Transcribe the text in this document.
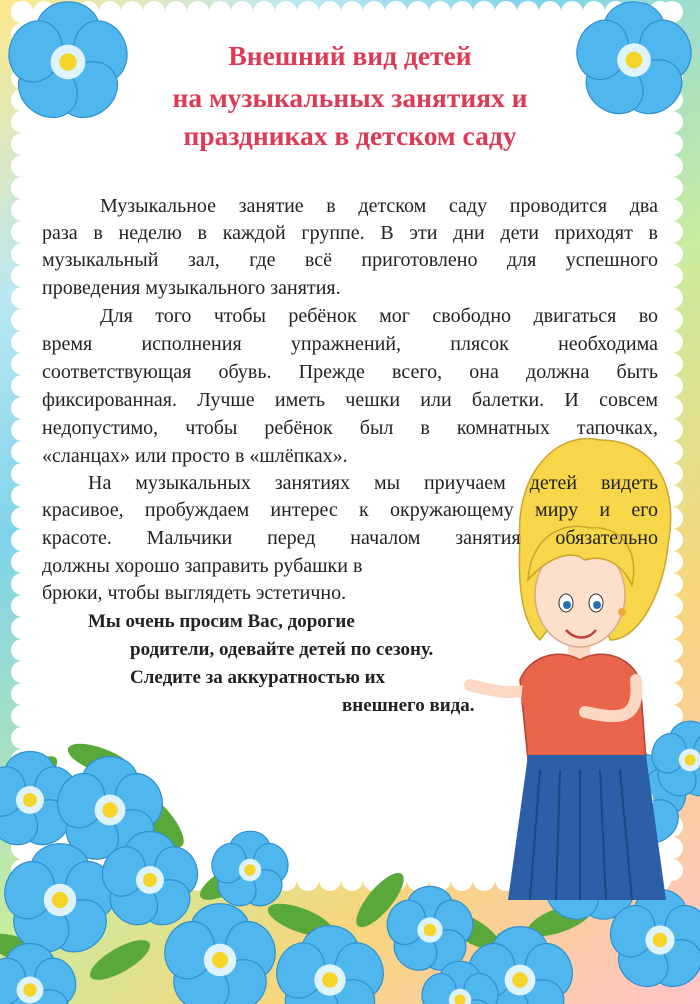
Внешний вид детей
на музыкальных занятиях и
праздниках в детском саду
Музыкальное занятие в детском саду проводится два
раза в неделю в каждой группе. В эти дни дети приходят в
музыкальный зал, где всё приготовлено для успешного
проведения музыкального занятия.
Для того чтобы ребёнок мог свободно двигаться во
время исполнения упражнений, плясок необходима
соответствующая обувь. Прежде всего, она должна быть
фиксированная. Лучше иметь чешки или балетки. И совсем
недопустимо, чтобы ребёнок был в комнатных тапочках,
«сланцах» или просто в «шлёпках».
На музыкальных занятиях мы приучаем детей видеть
красивое, пробуждаем интерес к окружающему миру и его
красоте. Мальчики перед началом занятия обязательно
должны хорошо заправить рубашки в
брюки, чтобы выглядеть эстетично.
Мы очень просим Вас, дорогие
родители, одевайте детей по сезону.
Следите за аккуратностью их
внешнего вида.
